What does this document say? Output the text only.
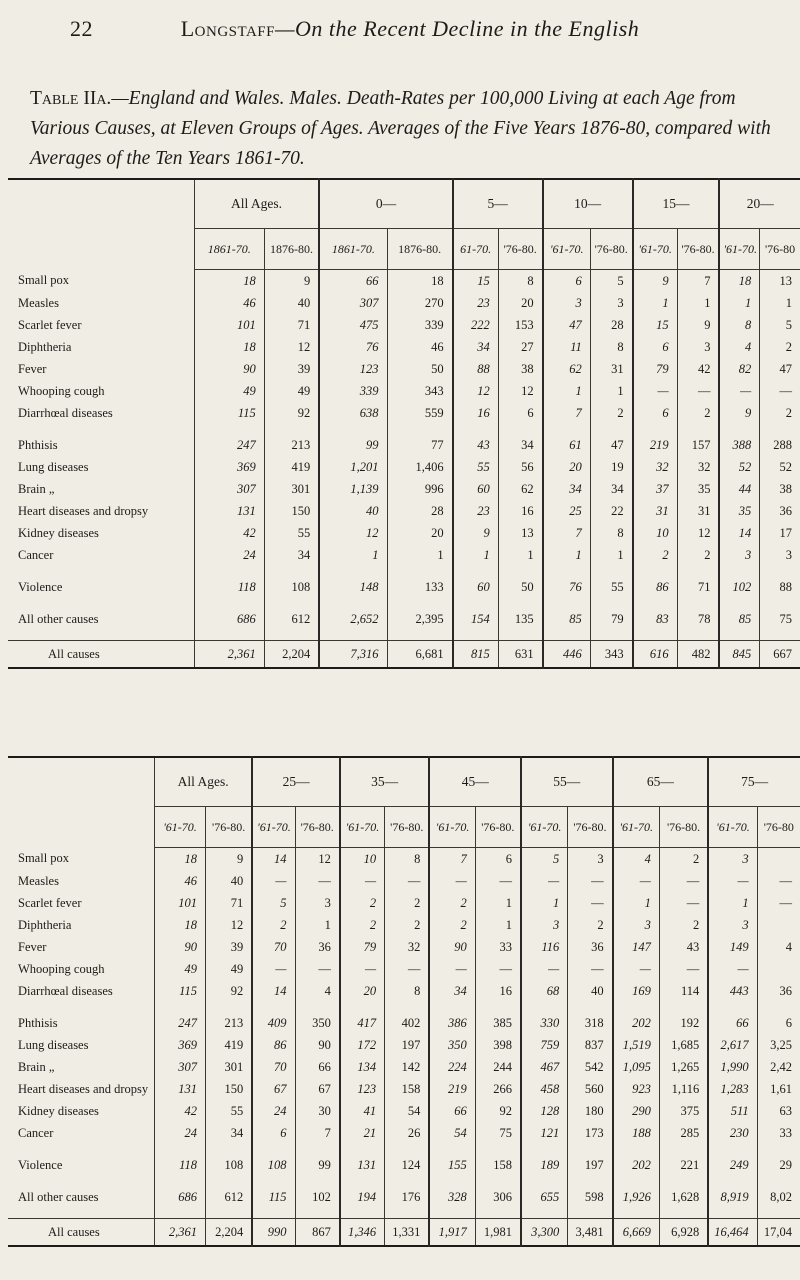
22	Longstaff—On the Recent Decline in the English
Table IIa.—England and Wales. Males. Death-Rates per 100,000 Living at each Age from Various Causes, at Eleven Groups of Ages. Averages of the Five Years 1876-80, compared with Averages of the Ten Years 1861-70.
	All Ages.		0—		5—		10—		15—		20—	
	1861-70.	1876-80.	1861-70.	1876-80.	61-70.	'76-80.	'61-70.	'76-80.	'61-70.	'76-80.	'61-70.	'76-80
Small pox	18	9	66	18	15	8	6	5	9	7	18	13
Measles	46	40	307	270	23	20	3	3	1	1	1	1
Scarlet fever	101	71	475	339	222	153	47	28	15	9	8	5
Diphtheria	18	12	76	46	34	27	11	8	6	3	4	2
Fever	90	39	123	50	88	38	62	31	79	42	82	47
Whooping cough	49	49	339	343	12	12	1	1	—	—	—	—
Diarrhœal diseases	115	92	638	559	16	6	7	2	6	2	9	2

Phthisis	247	213	99	77	43	34	61	47	219	157	388	288
Lung diseases	369	419	1,201	1,406	55	56	20	19	32	32	52	52
Brain „	307	301	1,139	996	60	62	34	34	37	35	44	38
Heart diseases and dropsy	131	150	40	28	23	16	25	22	31	31	35	36
Kidney diseases	42	55	12	20	9	13	7	8	10	12	14	17
Cancer	24	34	1	1	1	1	1	1	2	2	3	3

Violence	118	108	148	133	60	50	76	55	86	71	102	88

All other causes	686	612	2,652	2,395	154	135	85	79	83	78	85	75

All causes	2,361	2,204	7,316	6,681	815	631	446	343	616	482	845	667
	All Ages.		25—		35—		45—		55—		65—		75—	
	'61-70.	'76-80.	'61-70.	'76-80.	'61-70.	'76-80.	'61-70.	'76-80.	'61-70.	'76-80.	'61-70.	'76-80.	'61-70.	'76-80
Small pox	18	9	14	12	10	8	7	6	5	3	4	2	3	
Measles	46	40	—	—	—	—	—	—	—	—	—	—	—	—
Scarlet fever	101	71	5	3	2	2	2	1	1	—	1	—	1	—
Diphtheria	18	12	2	1	2	2	2	1	3	2	3	2	3	
Fever	90	39	70	36	79	32	90	33	116	36	147	43	149	4
Whooping cough	49	49	—	—	—	—	—	—	—	—	—	—	—	
Diarrhœal diseases	115	92	14	4	20	8	34	16	68	40	169	114	443	36

Phthisis	247	213	409	350	417	402	386	385	330	318	202	192	66	6
Lung diseases	369	419	86	90	172	197	350	398	759	837	1,519	1,685	2,617	3,25
Brain „	307	301	70	66	134	142	224	244	467	542	1,095	1,265	1,990	2,42
Heart diseases and dropsy	131	150	67	67	123	158	219	266	458	560	923	1,116	1,283	1,61
Kidney diseases	42	55	24	30	41	54	66	92	128	180	290	375	511	63
Cancer	24	34	6	7	21	26	54	75	121	173	188	285	230	33

Violence	118	108	108	99	131	124	155	158	189	197	202	221	249	29

All other causes	686	612	115	102	194	176	328	306	655	598	1,926	1,628	8,919	8,02

All causes	2,361	2,204	990	867	1,346	1,331	1,917	1,981	3,300	3,481	6,669	6,928	16,464	17,04
